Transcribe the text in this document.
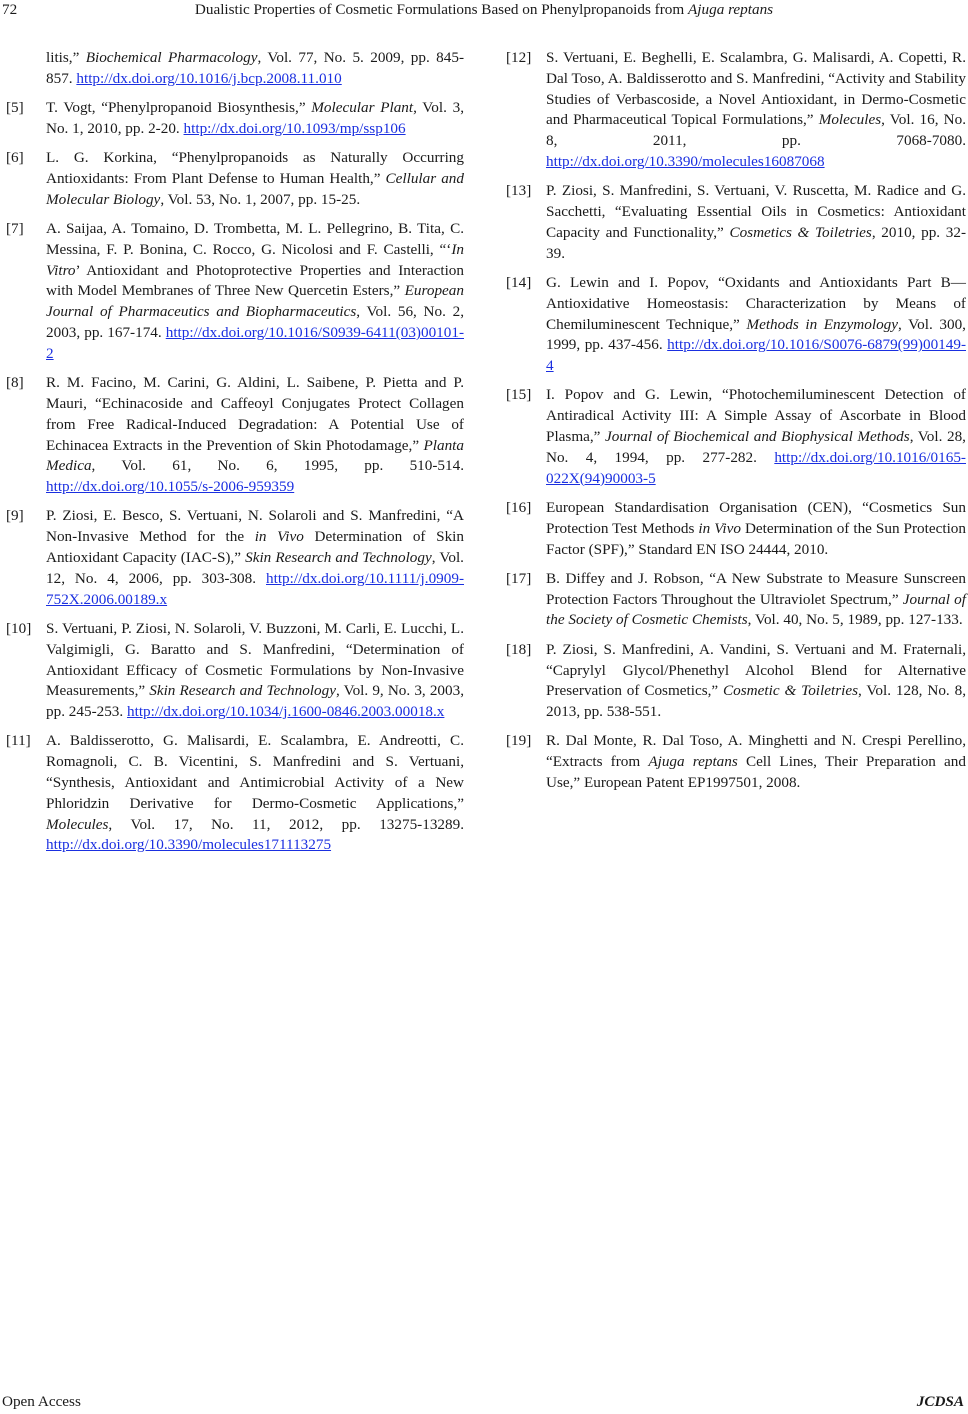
72	Dualistic Properties of Cosmetic Formulations Based on Phenylpropanoids from Ajuga reptans
litis,” Biochemical Pharmacology, Vol. 77, No. 5. 2009, pp. 845-857. http://dx.doi.org/10.1016/j.bcp.2008.11.010
[5] T. Vogt, “Phenylpropanoid Biosynthesis,” Molecular Plant, Vol. 3, No. 1, 2010, pp. 2-20. http://dx.doi.org/10.1093/mp/ssp106
[6] L. G. Korkina, “Phenylpropanoids as Naturally Occurring Antioxidants: From Plant Defense to Human Health,” Cellular and Molecular Biology, Vol. 53, No. 1, 2007, pp. 15-25.
[7] A. Saijaa, A. Tomaino, D. Trombetta, M. L. Pellegrino, B. Tita, C. Messina, F. P. Bonina, C. Rocco, G. Nicolosi and F. Castelli, “‘In Vitro’ Antioxidant and Photoprotective Properties and Interaction with Model Membranes of Three New Quercetin Esters,” European Journal of Pharmaceutics and Biopharmaceutics, Vol. 56, No. 2, 2003, pp. 167-174. http://dx.doi.org/10.1016/S0939-6411(03)00101-2
[8] R. M. Facino, M. Carini, G. Aldini, L. Saibene, P. Pietta and P. Mauri, “Echinacoside and Caffeoyl Conjugates Protect Collagen from Free Radical-Induced Degradation: A Potential Use of Echinacea Extracts in the Prevention of Skin Photodamage,” Planta Medica, Vol. 61, No. 6, 1995, pp. 510-514. http://dx.doi.org/10.1055/s-2006-959359
[9] P. Ziosi, E. Besco, S. Vertuani, N. Solaroli and S. Manfredini, “A Non-Invasive Method for the in Vivo Determination of Skin Antioxidant Capacity (IAC-S),” Skin Research and Technology, Vol. 12, No. 4, 2006, pp. 303-308. http://dx.doi.org/10.1111/j.0909-752X.2006.00189.x
[10] S. Vertuani, P. Ziosi, N. Solaroli, V. Buzzoni, M. Carli, E. Lucchi, L. Valgimigli, G. Baratto and S. Manfredini, “Determination of Antioxidant Efficacy of Cosmetic Formulations by Non-Invasive Measurements,” Skin Research and Technology, Vol. 9, No. 3, 2003, pp. 245-253. http://dx.doi.org/10.1034/j.1600-0846.2003.00018.x
[11] A. Baldisserotto, G. Malisardi, E. Scalambra, E. Andreotti, C. Romagnoli, C. B. Vicentini, S. Manfredini and S. Vertuani, “Synthesis, Antioxidant and Antimicrobial Activity of a New Phloridzin Derivative for Dermo-Cosmetic Applications,” Molecules, Vol. 17, No. 11, 2012, pp. 13275-13289. http://dx.doi.org/10.3390/molecules171113275
[12] S. Vertuani, E. Beghelli, E. Scalambra, G. Malisardi, A. Copetti, R. Dal Toso, A. Baldisserotto and S. Manfredini, “Activity and Stability Studies of Verbascoside, a Novel Antioxidant, in Dermo-Cosmetic and Pharmaceutical Topical Formulations,” Molecules, Vol. 16, No. 8, 2011, pp. 7068-7080. http://dx.doi.org/10.3390/molecules16087068
[13] P. Ziosi, S. Manfredini, S. Vertuani, V. Ruscetta, M. Radice and G. Sacchetti, “Evaluating Essential Oils in Cosmetics: Antioxidant Capacity and Functionality,” Cosmetics & Toiletries, 2010, pp. 32-39.
[14] G. Lewin and I. Popov, “Oxidants and Antioxidants Part B—Antioxidative Homeostasis: Characterization by Means of Chemiluminescent Technique,” Methods in Enzymology, Vol. 300, 1999, pp. 437-456. http://dx.doi.org/10.1016/S0076-6879(99)00149-4
[15] I. Popov and G. Lewin, “Photochemiluminescent Detection of Antiradical Activity III: A Simple Assay of Ascorbate in Blood Plasma,” Journal of Biochemical and Biophysical Methods, Vol. 28, No. 4, 1994, pp. 277-282. http://dx.doi.org/10.1016/0165-022X(94)90003-5
[16] European Standardisation Organisation (CEN), “Cosmetics Sun Protection Test Methods in Vivo Determination of the Sun Protection Factor (SPF),” Standard EN ISO 24444, 2010.
[17] B. Diffey and J. Robson, “A New Substrate to Measure Sunscreen Protection Factors Throughout the Ultraviolet Spectrum,” Journal of the Society of Cosmetic Chemists, Vol. 40, No. 5, 1989, pp. 127-133.
[18] P. Ziosi, S. Manfredini, A. Vandini, S. Vertuani and M. Fraternali, “Caprylyl Glycol/Phenethyl Alcohol Blend for Alternative Preservation of Cosmetics,” Cosmetic & Toiletries, Vol. 128, No. 8, 2013, pp. 538-551.
[19] R. Dal Monte, R. Dal Toso, A. Minghetti and N. Crespi Perellino, “Extracts from Ajuga reptans Cell Lines, Their Preparation and Use,” European Patent EP1997501, 2008.
Open Access	JCDSA
